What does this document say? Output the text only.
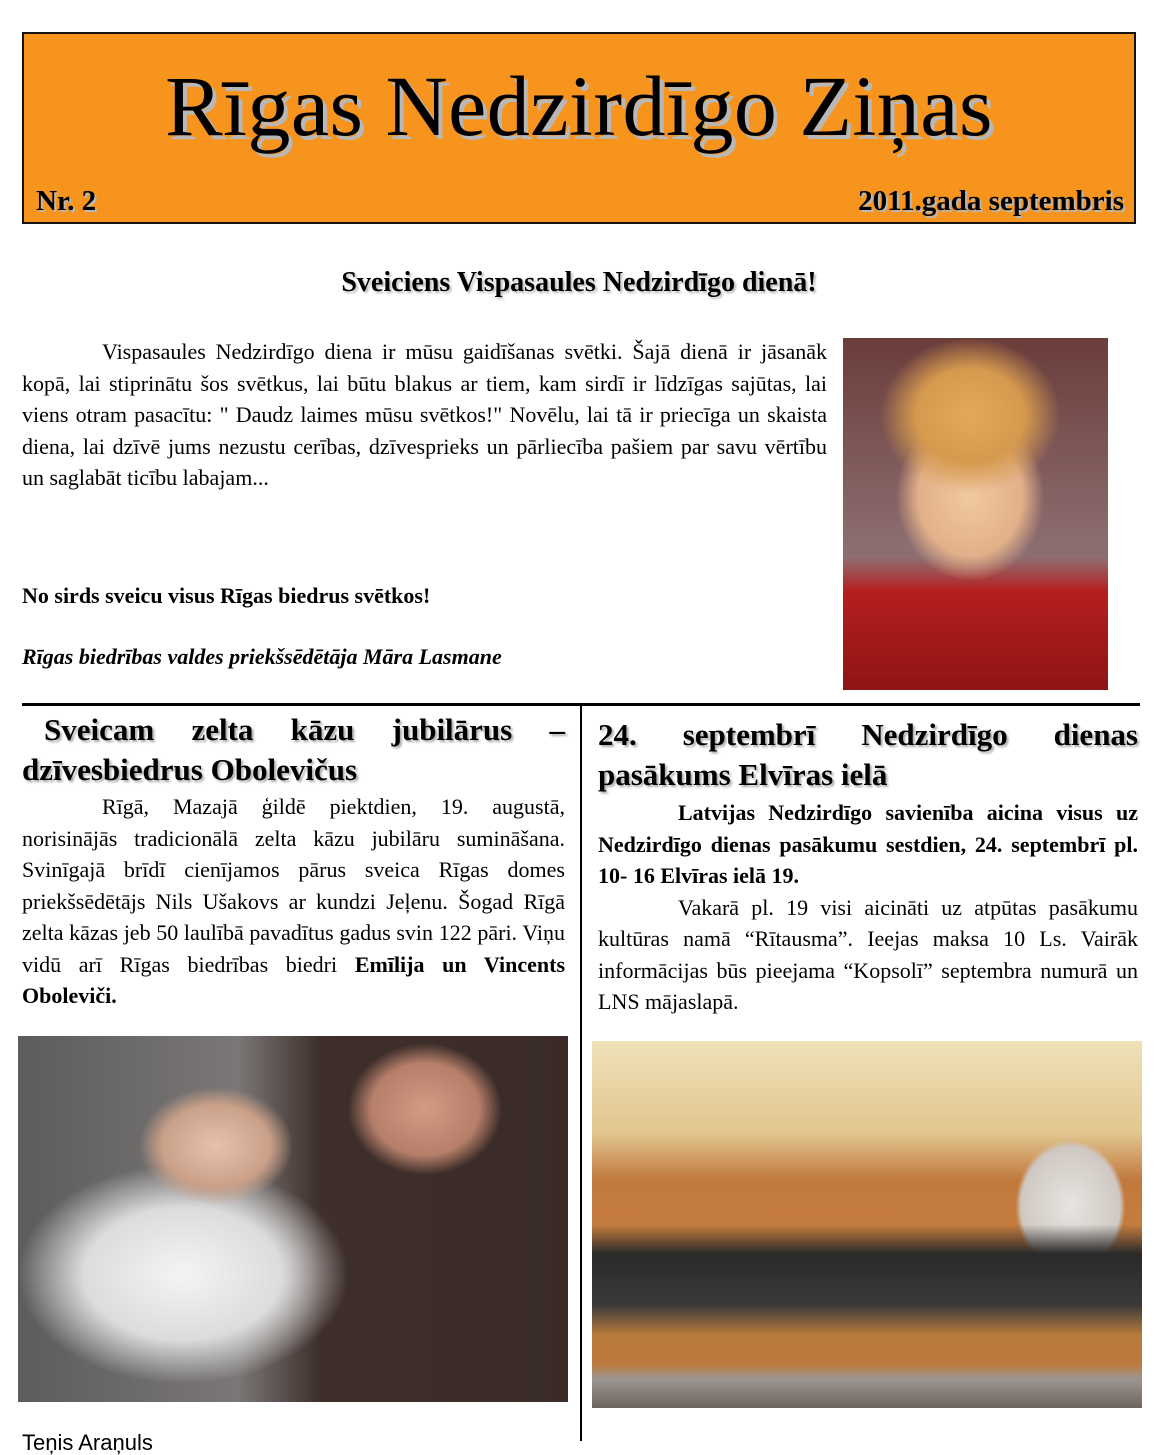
Rīgas Nedzirdīgo Ziņas
Nr. 2	2011.gada septembris
Sveiciens Vispasaules Nedzirdīgo dienā!
Vispasaules Nedzirdīgo diena ir mūsu gaidīšanas svētki. Šajā dienā ir jāsanāk kopā, lai stiprinātu šos svētkus, lai būtu blakus ar tiem, kam sirdī ir līdzīgas sajūtas, lai viens otram pasacītu: " Daudz laimes mūsu svētkos!" Novēlu, lai tā ir priecīga un skaista diena, lai dzīvē jums nezustu cerības, dzīvesprieks un pārliecība pašiem par savu vērtību un saglabāt ticību labajam...
No sirds sveicu visus Rīgas biedrus svētkos!
Rīgas biedrības valdes priekšsēdētāja Māra Lasmane
Sveicam zelta kāzu jubilārus – dzīvesbiedrus Obolevičus

Rīgā, Mazajā ģildē piektdien, 19. augustā, norisinājās tradicionālā zelta kāzu jubilāru sumināšana. Svinīgajā brīdī cienījamos pārus sveica Rīgas domes priekšsēdētājs Nils Ušakovs ar kundzi Jeļenu. Šogad Rīgā zelta kāzas jeb 50 laulībā pavadītus gadus svin 122 pāri. Viņu vidū arī Rīgas biedrības biedri Emīlija un Vincents Oboleviči.

24. septembrī Nedzirdīgo dienas pasākums Elvīras ielā

Latvijas Nedzirdīgo savienība aicina visus uz Nedzirdīgo dienas pasākumu sestdien, 24. septembrī pl. 10- 16 Elvīras ielā 19.

Vakarā pl. 19 visi aicināti uz atpūtas pasākumu kultūras namā “Rītausma”. Ieejas maksa 10 Ls. Vairāk informācijas būs pieejama “Kopsolī” septembra numurā un LNS mājaslapā.

Teņis Araņuls
